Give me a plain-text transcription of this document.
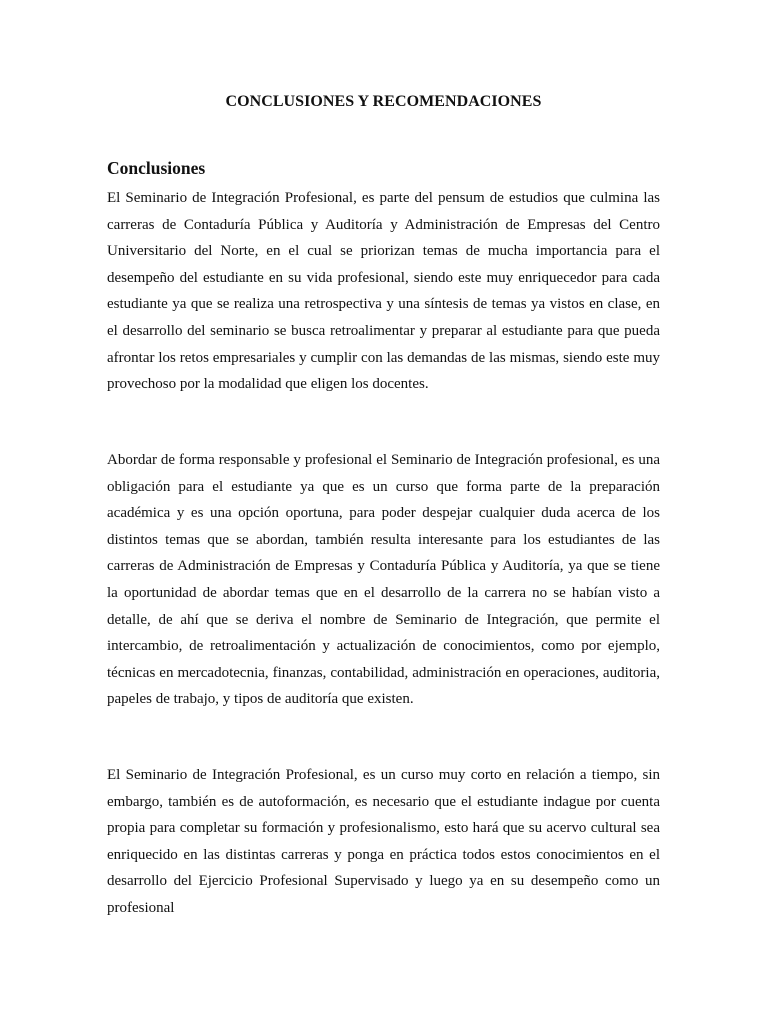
CONCLUSIONES Y RECOMENDACIONES
Conclusiones

El Seminario de Integración Profesional, es parte del pensum de estudios que culmina las carreras de Contaduría Pública y Auditoría y Administración de Empresas del Centro Universitario del Norte, en el cual se priorizan temas de mucha importancia para el desempeño del estudiante en su vida profesional, siendo este muy enriquecedor para cada estudiante ya que se realiza una retrospectiva y una síntesis de temas ya vistos en clase, en el desarrollo del seminario se busca retroalimentar y preparar al estudiante para que pueda afrontar los retos empresariales y cumplir con las demandas de las mismas, siendo este muy provechoso por la modalidad que eligen los docentes.

Abordar de forma responsable y profesional el Seminario de Integración profesional, es una obligación para el estudiante ya que es un curso que forma parte de la preparación académica y es una opción oportuna, para poder despejar cualquier duda acerca de los distintos temas que se abordan, también resulta interesante para los estudiantes de las carreras de Administración de Empresas y Contaduría Pública y Auditoría, ya que se tiene la oportunidad de abordar temas que en el desarrollo de la carrera no se habían visto a detalle, de ahí que se deriva el nombre de Seminario de Integración, que permite el intercambio, de retroalimentación y actualización de conocimientos, como por ejemplo, técnicas en mercadotecnia, finanzas, contabilidad, administración en operaciones, auditoria, papeles de trabajo, y tipos de auditoría que existen.

El Seminario de Integración Profesional, es un curso muy corto en relación a tiempo, sin embargo, también es de autoformación, es necesario que el estudiante indague por cuenta propia para completar su formación y profesionalismo, esto hará que su acervo cultural sea enriquecido en las distintas carreras y ponga en práctica todos estos conocimientos en el desarrollo del Ejercicio Profesional Supervisado y luego ya en su desempeño como un profesional
